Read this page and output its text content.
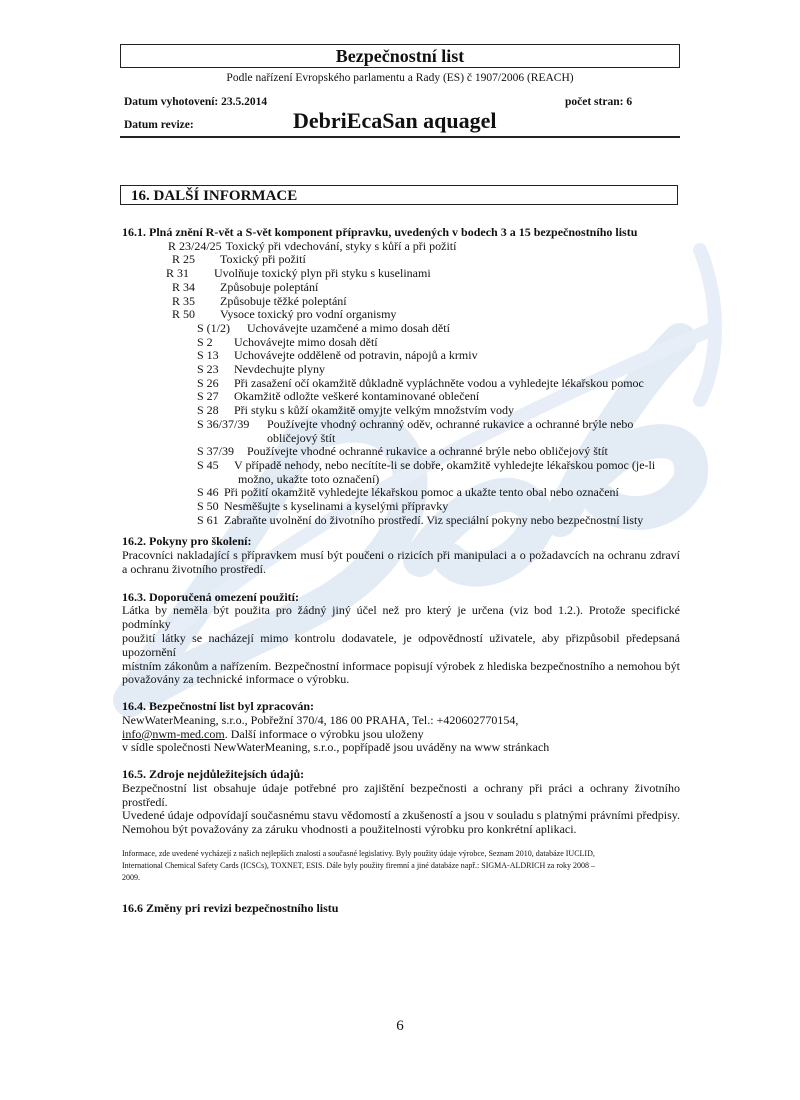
Bezpečnostní list
Podle nařízení Evropského parlamentu a Rady (ES) č 1907/2006 (REACH)
Datum vyhotovení: 23.5.2014	počet stran: 6
Datum revize:	DebriEcaSan aquagel
16. DALŠÍ INFORMACE
16.1. Plná znění R-vět a S-vět komponent přípravku, uvedených v bodech 3 a 15 bezpečnostního listu
R 23/24/25 Toxický při vdechování, styky s kůří a při požití
R 25	Toxický při požití
R 31	Uvolňuje toxický plyn při styku s kuselinami
R 34	Způsobuje poleptání
R 35	Způsobuje těžké poleptání
R 50	Vysoce toxický pro vodní organismy
S (1/2)	Uchovávejte uzamčené a mimo dosah dětí
S 2	Uchovávejte mimo dosah dětí
S 13	Uchovávejte odděleně od potravin, nápojů a krmiv
S 23	Nevdechujte plyny
S 26	Při zasažení očí okamžitě důkladně vypláchněte vodou a vyhledejte lékařskou pomoc
S 27	Okamžitě odložte veškeré kontaminované oblečení
S 28	Při styku s kůží okamžitě omyjte velkým množstvím vody
S 36/37/39	Používejte vhodný ochranný oděv, ochranné rukavice a ochranné brýle nebo
obličejový štít
S 37/39	Používejte vhodné ochranné rukavice a ochranné brýle nebo obličejový štít
S 45	V případě nehody, nebo necítíte-li se dobře, okamžitě vyhledejte lékařskou pomoc (je-li
možno, ukažte toto označení)
S 46 Při požití okamžitě vyhledejte lékařskou pomoc a ukažte tento obal nebo označení
S 50 Nesměšujte s kyselinami a kyselými přípravky
S 61 Zabraňte uvolnění do životního prostředí. Viz speciální pokyny nebo bezpečnostní listy
16.2. Pokyny pro školení:
Pracovníci nakladající s přípravkem musí být poučeni o rizicích při manipulaci a o požadavcích na ochranu zdraví
a ochranu životního prostředí.
16.3. Doporučená omezení použití:
Látka by neměla být použita pro žádný jiný účel než pro který je určena (viz bod 1.2.). Protože specifické podmínky
použití látky se nacházejí mimo kontrolu dodavatele, je odpovědností uživatele, aby přizpůsobil předepsaná upozornění
místním zákonům a nařízením. Bezpečnostní informace popisují výrobek z hlediska bezpečnostního a nemohou být
považovány za technické informace o výrobku.
16.4. Bezpečnostní list byl zpracován:
NewWaterMeaning, s.r.o., Pobřežní 370/4, 186 00 PRAHA, Tel.: +420602770154,
info@nwm-med.com. Další informace o výrobku jsou uloženy
v sídle společnosti NewWaterMeaning, s.r.o., popřípadě jsou uváděny na www stránkach
16.5. Zdroje nejdůležitejsích údajů:
Bezpečnostní list obsahuje údaje potřebné pro zajištění bezpečnosti a ochrany při práci a ochrany životního prostředí.
Uvedené údaje odpovídají současnému stavu vědomostí a zkušeností a jsou v souladu s platnými právními předpisy.
Nemohou být považovány za záruku vhodnosti a použitelnosti výrobku pro konkrétní aplikaci.
Informace, zde uvedené vycházejí z našich nejlepších znalostí a současné legislativy. Byly použity údaje výrobce, Seznam 2010, databáze IUCLID,
International Chemical Safety Cards (ICSCs), TOXNET, ESIS. Dále byly použity firemní a jiné databáze např.: SIGMA-ALDRICH za roky 2008 –
2009.
16.6 Změny pri revizi bezpečnostního listu
6
